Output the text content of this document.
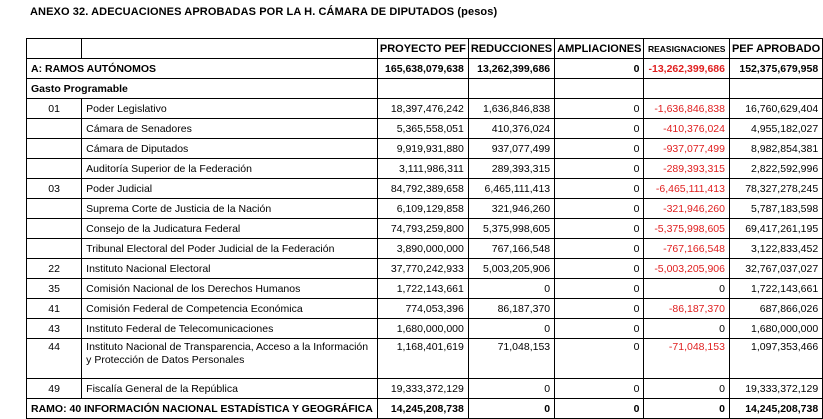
ANEXO 32. ADECUACIONES APROBADAS POR LA H. CÁMARA DE DIPUTADOS (pesos)
		PROYECTO PEF	REDUCCIONES	AMPLIACIONES	REASIGNACIONES	PEF APROBADO
A: RAMOS AUTÓNOMOS		165,638,079,638	13,262,399,686	0	-13,262,399,686	152,375,679,958
Gasto Programable						
01	Poder Legislativo	18,397,476,242	1,636,846,838	0	-1,636,846,838	16,760,629,404
	Cámara de Senadores	5,365,558,051	410,376,024	0	-410,376,024	4,955,182,027
	Cámara de Diputados	9,919,931,880	937,077,499	0	-937,077,499	8,982,854,381
	Auditoría Superior de la Federación	3,111,986,311	289,393,315	0	-289,393,315	2,822,592,996
03	Poder Judicial	84,792,389,658	6,465,111,413	0	-6,465,111,413	78,327,278,245
	Suprema Corte de Justicia de la Nación	6,109,129,858	321,946,260	0	-321,946,260	5,787,183,598
	Consejo de la Judicatura Federal	74,793,259,800	5,375,998,605	0	-5,375,998,605	69,417,261,195
	Tribunal Electoral del Poder Judicial de la Federación	3,890,000,000	767,166,548	0	-767,166,548	3,122,833,452
22	Instituto Nacional Electoral	37,770,242,933	5,003,205,906	0	-5,003,205,906	32,767,037,027
35	Comisión Nacional de los Derechos Humanos	1,722,143,661	0	0	0	1,722,143,661
41	Comisión Federal de Competencia Económica	774,053,396	86,187,370	0	-86,187,370	687,866,026
43	Instituto Federal de Telecomunicaciones	1,680,000,000	0	0	0	1,680,000,000
44	Instituto Nacional de Transparencia, Acceso a la Información y Protección de Datos Personales	1,168,401,619	71,048,153	0	-71,048,153	1,097,353,466
49	Fiscalía General de la República	19,333,372,129	0	0	0	19,333,372,129
RAMO: 40 INFORMACIÓN NACIONAL ESTADÍSTICA Y GEOGRÁFICA		14,245,208,738	0	0	0	14,245,208,738
